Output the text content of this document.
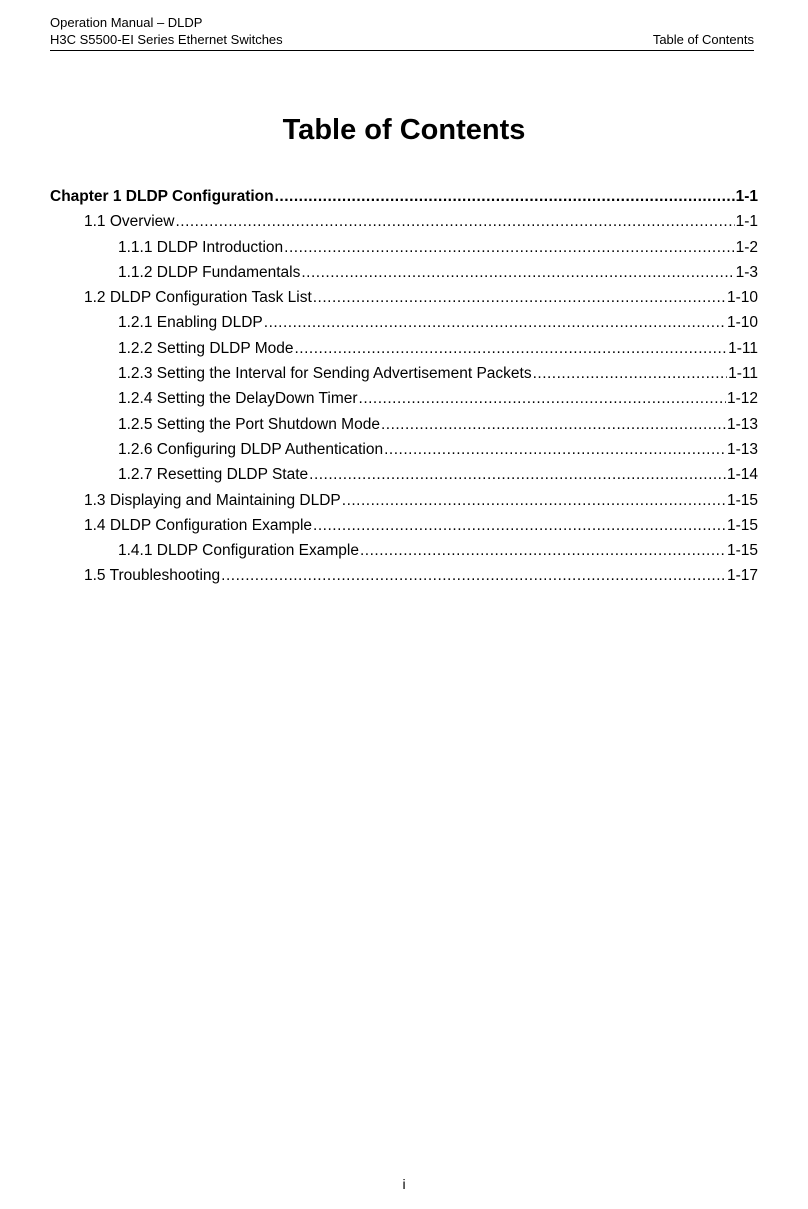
Operation Manual – DLDP
H3C S5500-EI Series Ethernet Switches	Table of Contents
Table of Contents
Chapter 1 DLDP Configuration .....	1-1
1.1 Overview .....	1-1
1.1.1 DLDP Introduction .....	1-2
1.1.2 DLDP Fundamentals .....	1-3
1.2 DLDP Configuration Task List .....	1-10
1.2.1 Enabling DLDP .....	1-10
1.2.2 Setting DLDP Mode .....	1-11
1.2.3 Setting the Interval for Sending Advertisement Packets .....	1-11
1.2.4 Setting the DelayDown Timer .....	1-12
1.2.5 Setting the Port Shutdown Mode .....	1-13
1.2.6 Configuring DLDP Authentication .....	1-13
1.2.7 Resetting DLDP State .....	1-14
1.3 Displaying and Maintaining DLDP .....	1-15
1.4 DLDP Configuration Example .....	1-15
1.4.1 DLDP Configuration Example .....	1-15
1.5 Troubleshooting .....	1-17
i
